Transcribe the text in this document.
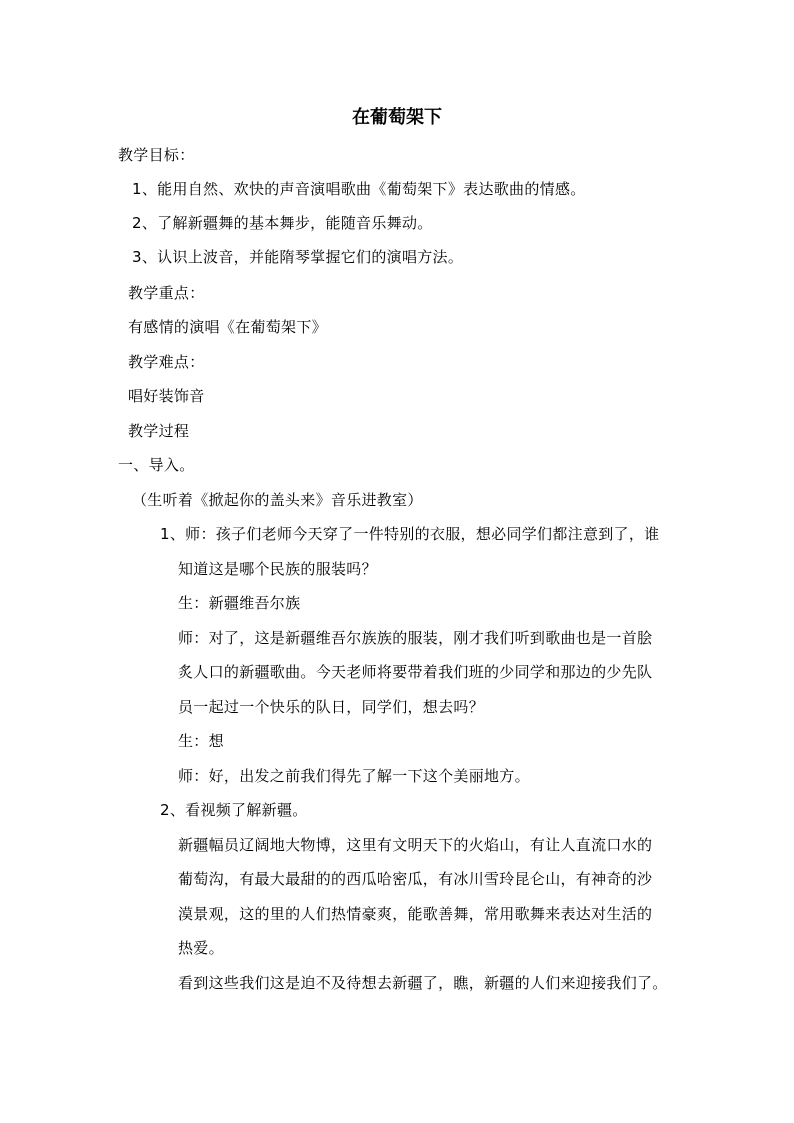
在葡萄架下
教学目标：
1、能用自然、欢快的声音演唱歌曲《葡萄架下》表达歌曲的情感。
2、了解新疆舞的基本舞步，能随音乐舞动。
3、认识上波音，并能隋琴掌握它们的演唱方法。
教学重点：
有感情的演唱《在葡萄架下》
教学难点：
唱好装饰音
教学过程
一、导入。
（生听着《掀起你的盖头来》音乐进教室）
1、师：孩子们老师今天穿了一件特别的衣服，想必同学们都注意到了，谁
知道这是哪个民族的服装吗？
生：新疆维吾尔族
师：对了，这是新疆维吾尔族族的服装，刚才我们听到歌曲也是一首脍
炙人口的新疆歌曲。今天老师将要带着我们班的少同学和那边的少先队
员一起过一个快乐的队日，同学们，想去吗？
生：想
师：好，出发之前我们得先了解一下这个美丽地方。
2、看视频了解新疆。
新疆幅员辽阔地大物博，这里有文明天下的火焰山，有让人直流口水的
葡萄沟，有最大最甜的的西瓜哈密瓜，有冰川雪玲昆仑山，有神奇的沙
漠景观，这的里的人们热情豪爽，能歌善舞，常用歌舞来表达对生活的
热爱。
看到这些我们这是迫不及待想去新疆了，瞧，新疆的人们来迎接我们了。
